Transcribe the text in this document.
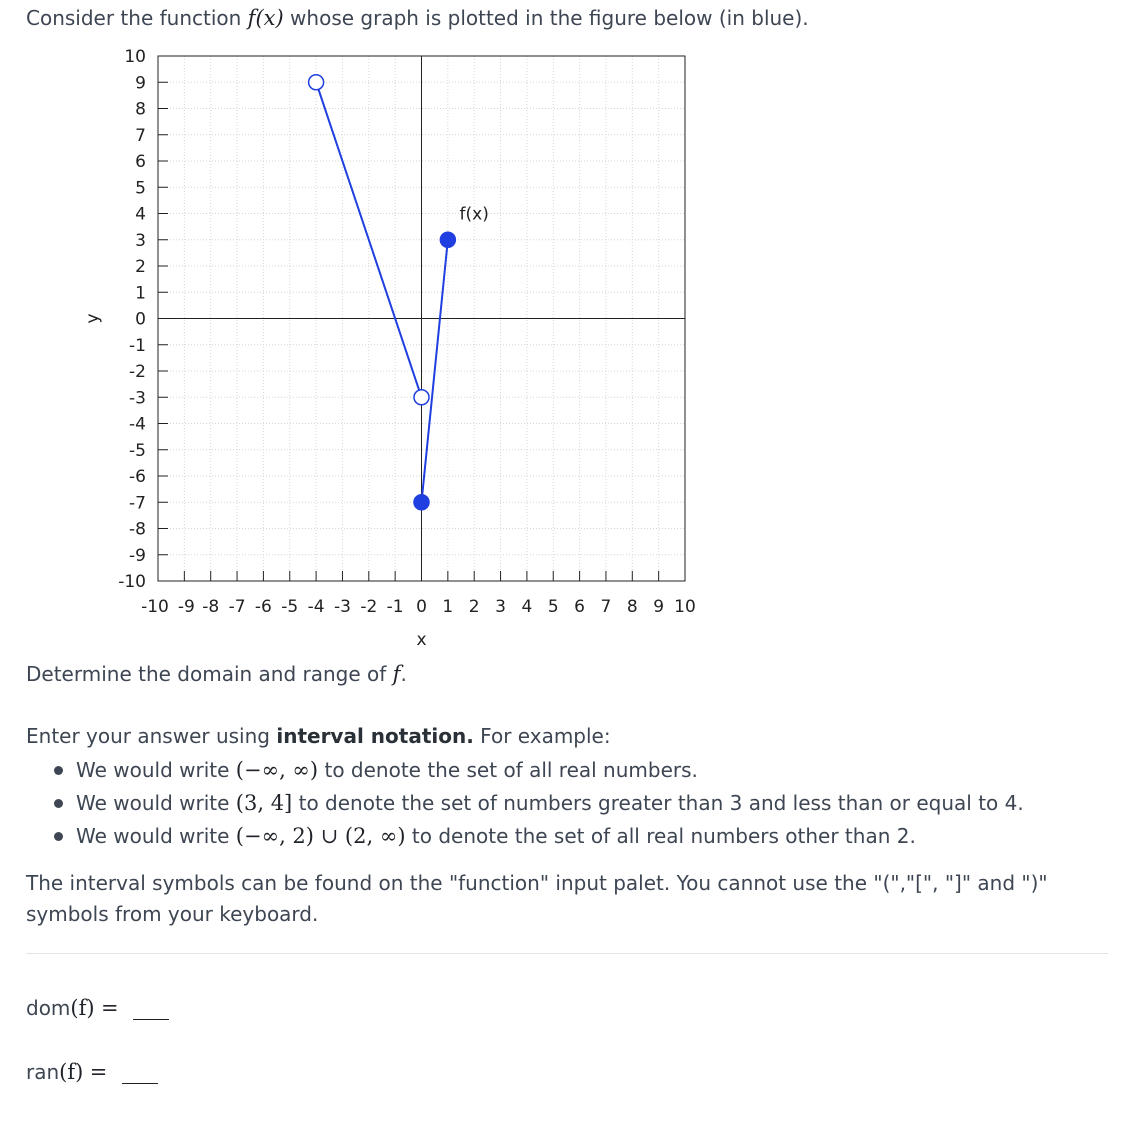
Consider the function f(x) whose graph is plotted in the figure below (in blue).
-10 -9 -8 -7 -6 -5 -4 -3 -2 -1 0 1 2 3 4 5 6 7 8 9 10
10
9
8
7
6
5
4
3
2
1
0
-1
-2
-3
-4
-5
-6
-7
-8
-9
-10
x
y
f(x)
Determine the domain and range of f.
Enter your answer using interval notation. For example:
We would write (−∞, ∞) to denote the set of all real numbers.
We would write (3, 4] to denote the set of numbers greater than 3 and less than or equal to 4.
We would write (−∞, 2) ∪ (2, ∞) to denote the set of all real numbers other than 2.
The interval symbols can be found on the "function" input palet. You cannot use the "(","[", "]" and ")" symbols from your keyboard.
dom(f) =
ran(f) =
